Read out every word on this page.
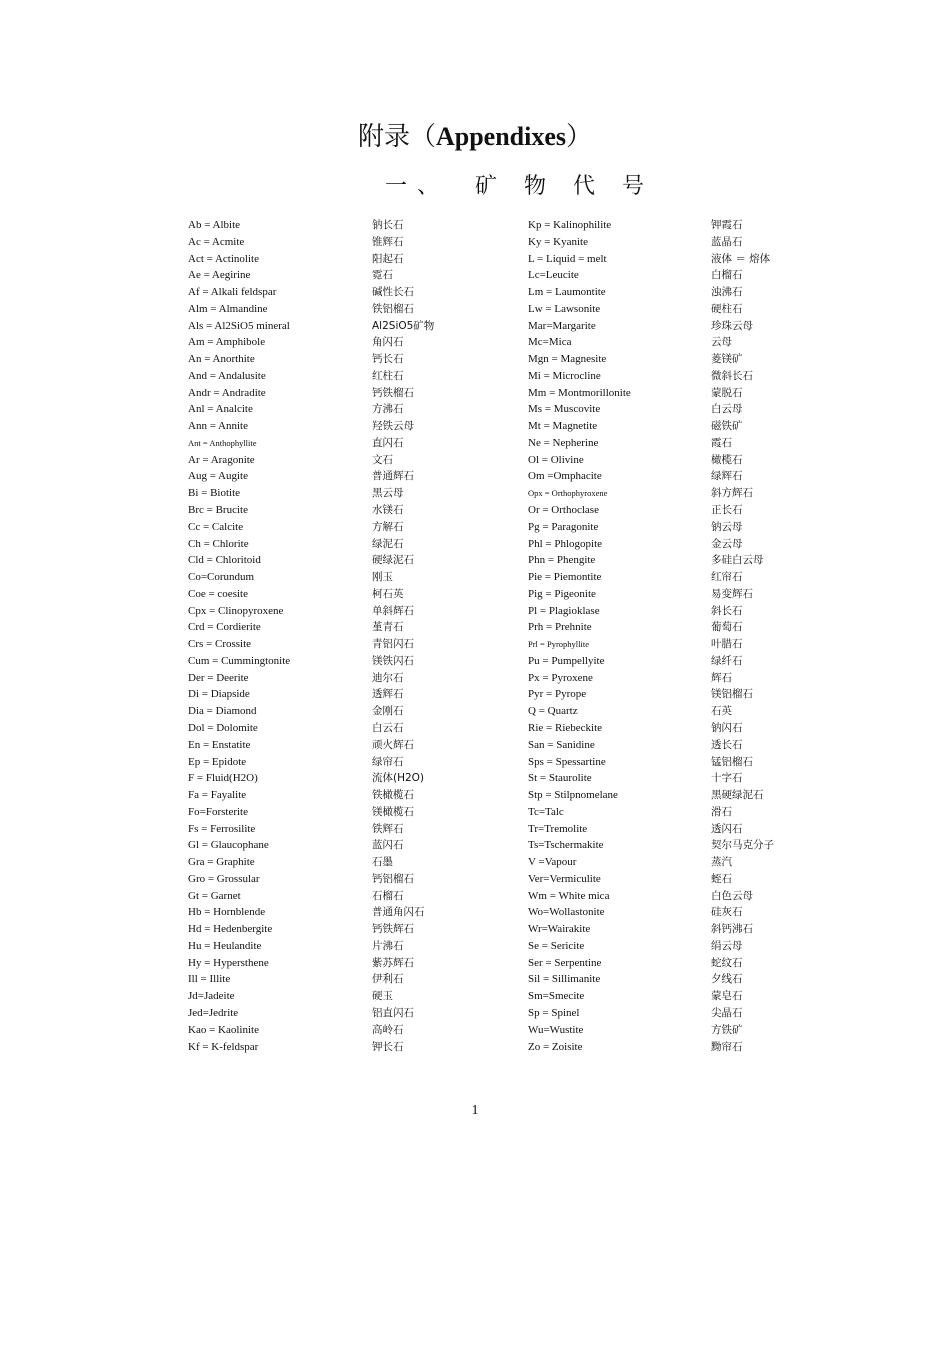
附录（Appendixes）
一、 矿 物 代 号
Ab = Albite	钠长石	Kp = Kalinophilite	钾霞石
Ac = Acmite	锥辉石	Ky = Kyanite	蓝晶石
Act = Actinolite	阳起石	L = Liquid = melt	液体 ＝ 熔体
Ae = Aegirine	霓石	Lc=Leucite	白榴石
Af = Alkali feldspar	碱性长石	Lm = Laumontite	浊沸石
Alm = Almandine	铁铝榴石	Lw = Lawsonite	硬柱石
Als = Al2SiO5 mineral	Al2SiO5矿物	Mar=Margarite	珍珠云母
Am = Amphibole	角闪石	Mc=Mica	云母
An = Anorthite	钙长石	Mgn = Magnesite	菱镁矿
And = Andalusite	红柱石	Mi = Microcline	微斜长石
Andr = Andradite	钙铁榴石	Mm = Montmorillonite	蒙脱石
Anl = Analcite	方沸石	Ms = Muscovite	白云母
Ann = Annite	羟铁云母	Mt = Magnetite	磁铁矿
Ant = Anthophyllite	直闪石	Ne = Nepherine	霞石
Ar = Aragonite	文石	Ol = Olivine	橄榄石
Aug = Augite	普通辉石	Om =Omphacite	绿辉石
Bi = Biotite	黑云母	Opx = Orthophyroxene	斜方辉石
Brc = Brucite	水镁石	Or = Orthoclase	正长石
Cc = Calcite	方解石	Pg = Paragonite	钠云母
Ch = Chlorite	绿泥石	Phl = Phlogopite	金云母
Cld = Chloritoid	硬绿泥石	Phn = Phengite	多硅白云母
Co=Corundum	刚玉	Pie = Piemontite	红帘石
Coe = coesite	柯石英	Pig = Pigeonite	易变辉石
Cpx = Clinopyroxene	单斜辉石	Pl = Plagioklase	斜长石
Crd = Cordierite	堇青石	Prh = Prehnite	葡萄石
Crs = Crossite	青铝闪石	Prl = Pyrophyllite	叶腊石
Cum = Cummingtonite	镁铁闪石	Pu = Pumpellyite	绿纤石
Der = Deerite	迪尔石	Px = Pyroxene	辉石
Di = Diapside	透辉石	Pyr = Pyrope	镁铝榴石
Dia = Diamond	金刚石	Q = Quartz	石英
Dol = Dolomite	白云石	Rie = Riebeckite	钠闪石
En = Enstatite	顽火辉石	San = Sanidine	透长石
Ep = Epidote	绿帘石	Sps = Spessartine	锰铝榴石
F = Fluid(H2O)	流体(H2O)	St = Staurolite	十字石
Fa = Fayalite	铁橄榄石	Stp = Stilpnomelane	黑硬绿泥石
Fo=Forsterite	镁橄榄石	Tc=Talc	滑石
Fs = Ferrosilite	铁辉石	Tr=Tremolite	透闪石
Gl = Glaucophane	蓝闪石	Ts=Tschermakite	契尔马克分子
Gra = Graphite	石墨	V =Vapour	蒸汽
Gro = Grossular	钙铝榴石	Ver=Vermiculite	蛭石
Gt = Garnet	石榴石	Wm = White mica	白色云母
Hb = Hornblende	普通角闪石	Wo=Wollastonite	硅灰石
Hd = Hedenbergite	钙铁辉石	Wr=Wairakite	斜钙沸石
Hu = Heulandite	片沸石	Se = Sericite	绢云母
Hy = Hypersthene	紫苏辉石	Ser = Serpentine	蛇纹石
Ill = Illite	伊利石	Sil = Sillimanite	夕线石
Jd=Jadeite	硬玉	Sm=Smecite	蒙皂石
Jed=Jedrite	铝直闪石	Sp = Spinel	尖晶石
Kao = Kaolinite	高岭石	Wu=Wustite	方铁矿
Kf = K-feldspar	钾长石	Zo = Zoisite	黝帘石
1
